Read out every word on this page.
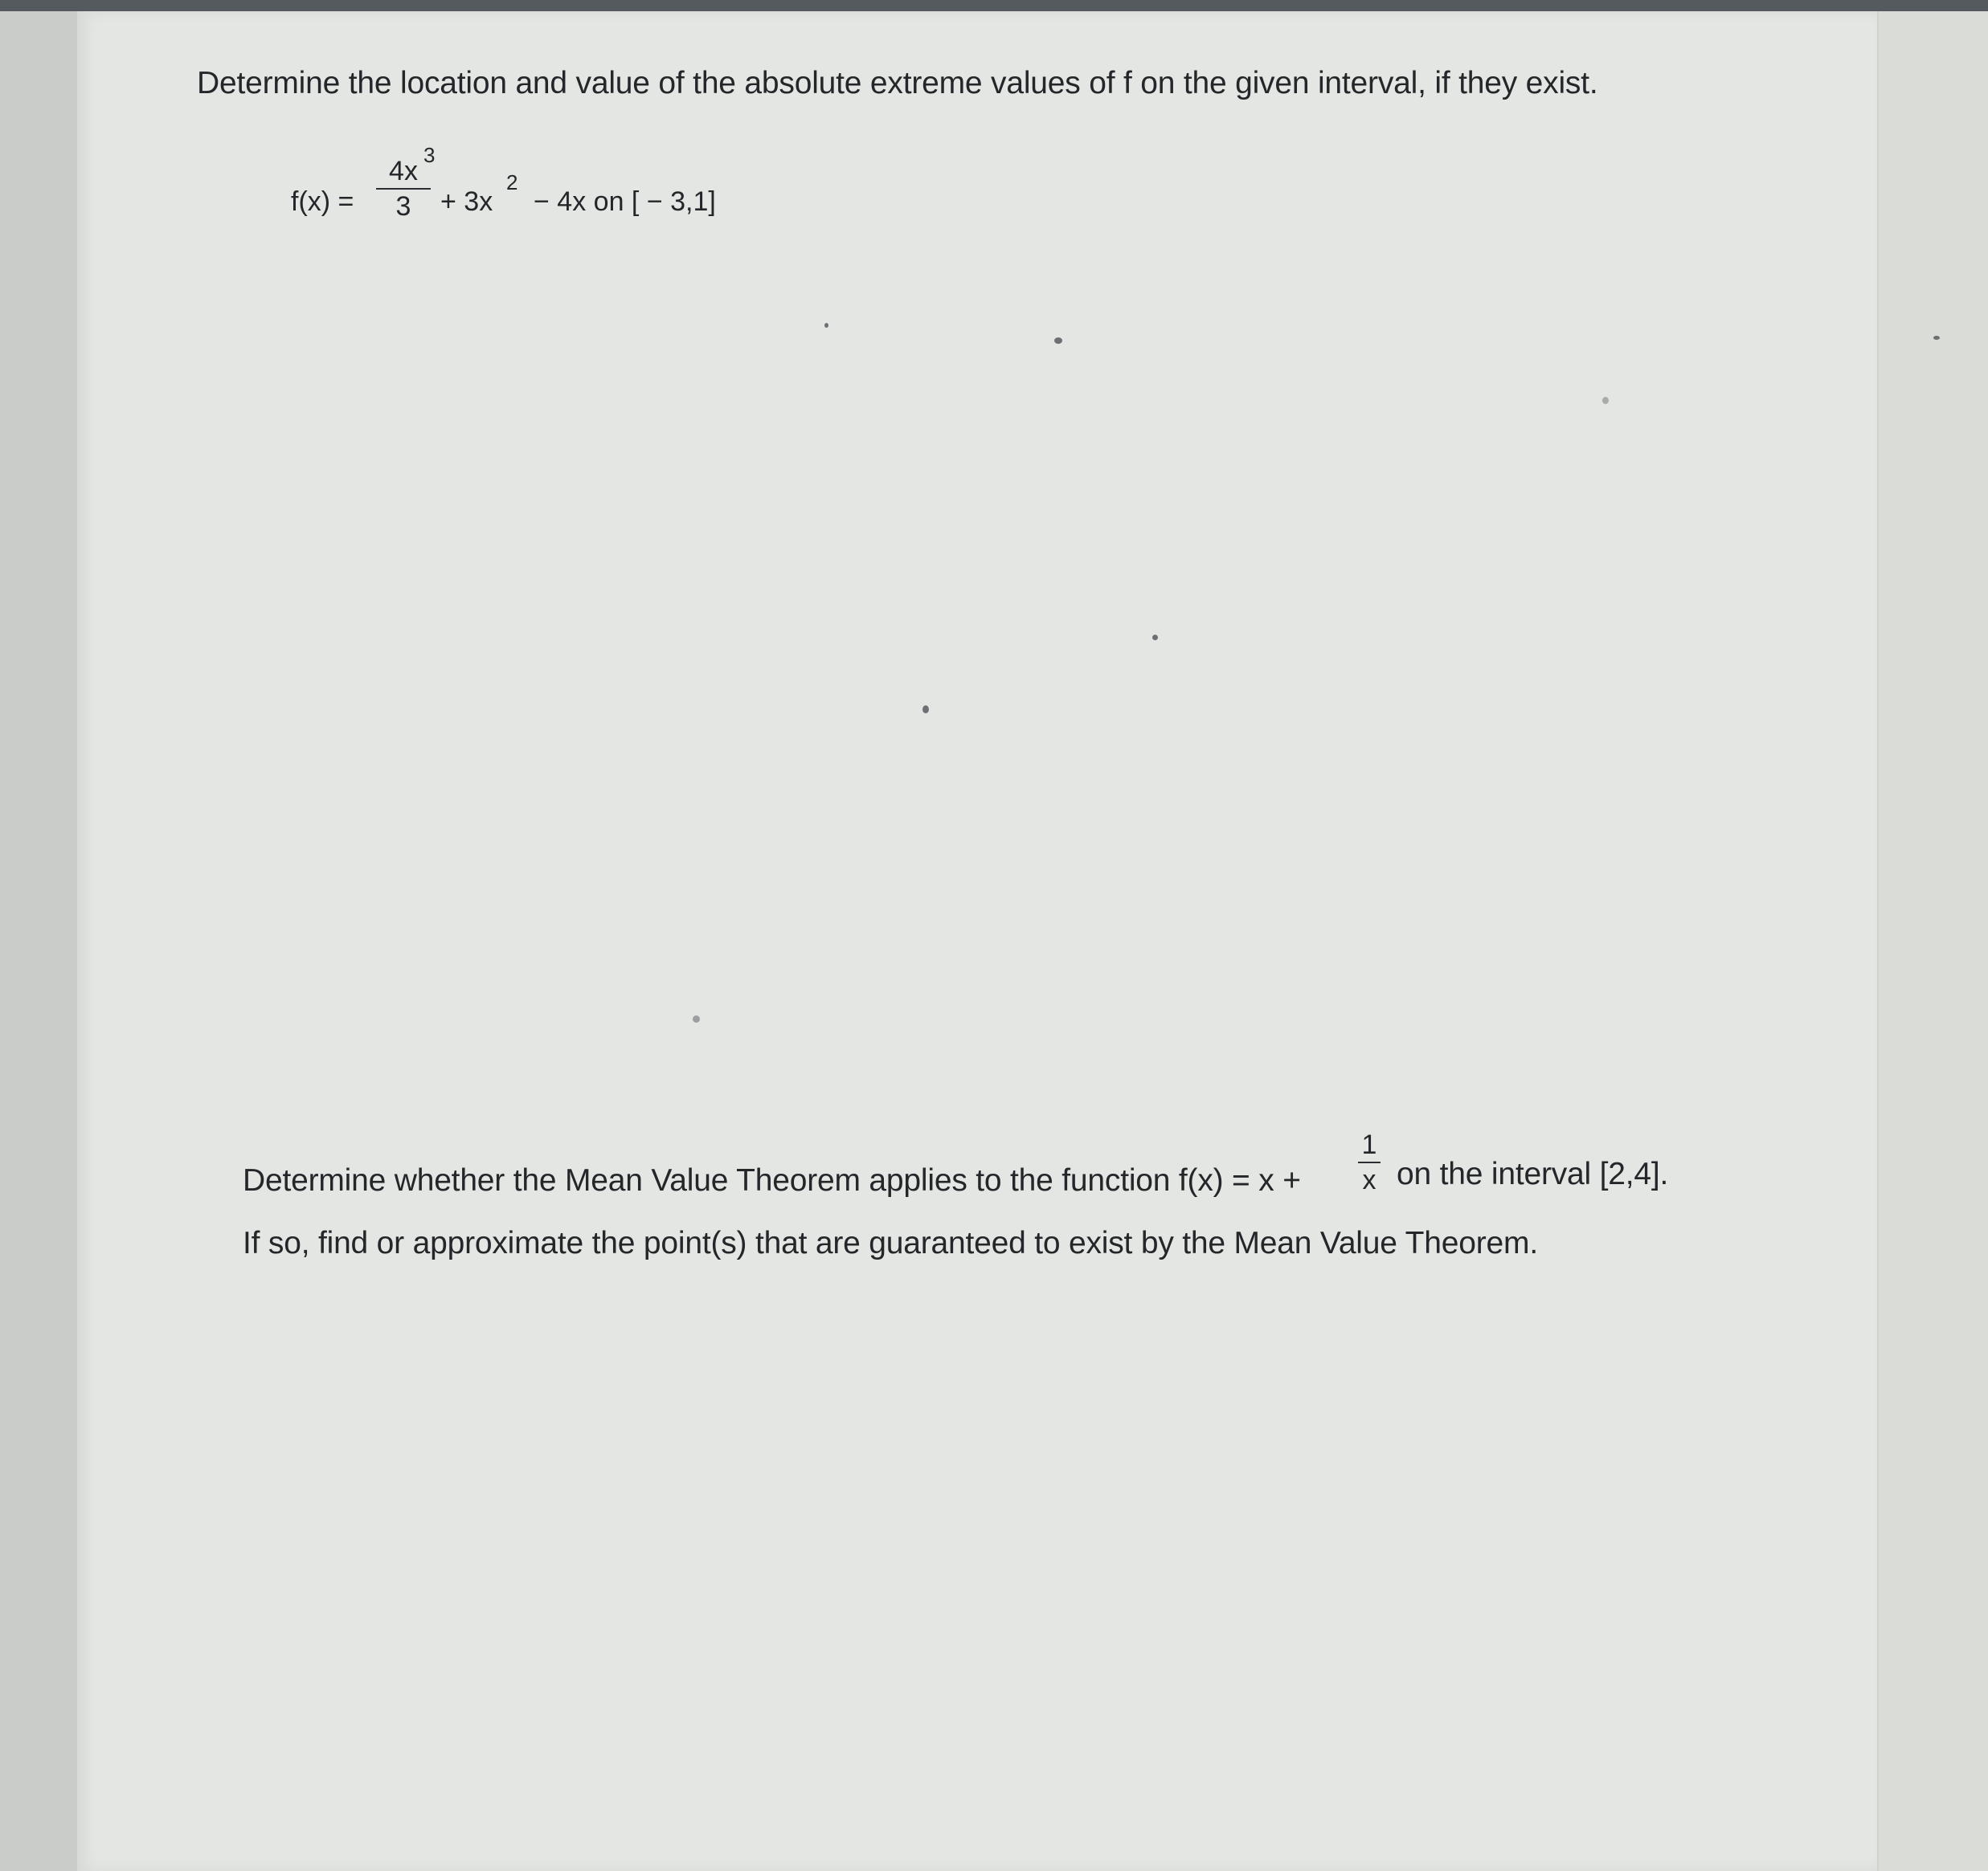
Determine the location and value of the absolute extreme values of f on the given interval, if they exist.
f(x) =
4x
3
3
+ 3x
2
− 4x on [ − 3,1]
Determine whether the Mean Value Theorem applies to the function f(x) = x +
1
x on the interval [2,4].
If so, find or approximate the point(s) that are guaranteed to exist by the Mean Value Theorem.
